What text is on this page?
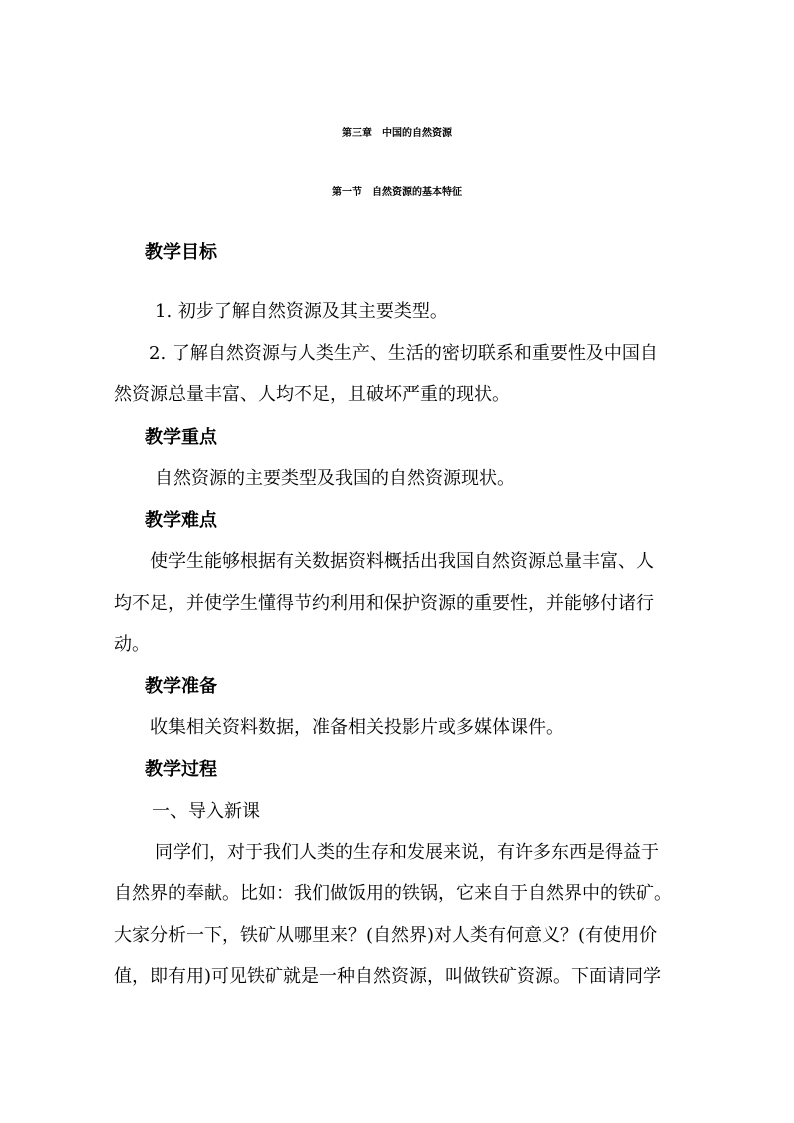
第三章　中国的自然资源
第一节　自然资源的基本特征
教学目标
1. 初步了解自然资源及其主要类型。
2. 了解自然资源与人类生产、生活的密切联系和重要性及中国自
然资源总量丰富、人均不足，且破坏严重的现状。
教学重点
自然资源的主要类型及我国的自然资源现状。
教学难点
使学生能够根据有关数据资料概括出我国自然资源总量丰富、人
均不足，并使学生懂得节约利用和保护资源的重要性，并能够付诸行
动。
教学准备
收集相关资料数据，准备相关投影片或多媒体课件。
教学过程
一、导入新课
同学们，对于我们人类的生存和发展来说，有许多东西是得益于
自然界的奉献。比如：我们做饭用的铁锅，它来自于自然界中的铁矿。
大家分析一下，铁矿从哪里来？(自然界)对人类有何意义？(有使用价
值，即有用)可见铁矿就是一种自然资源，叫做铁矿资源。下面请同学
